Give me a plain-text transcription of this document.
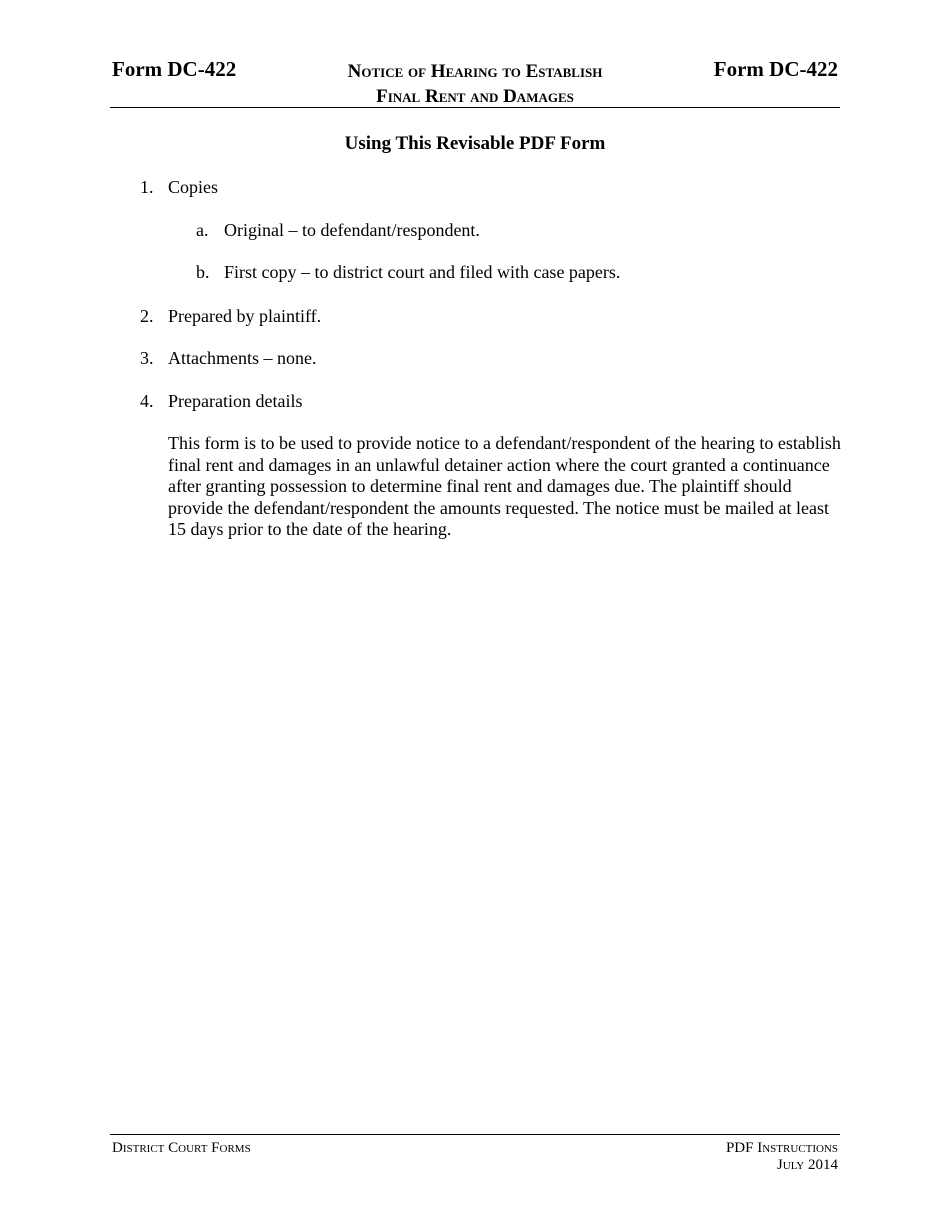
Form DC-422	Notice of Hearing to Establish
Final Rent and Damages
Form DC-422
Using This Revisable PDF Form
1. Copies
a. Original – to defendant/respondent.
b. First copy – to district court and filed with case papers.
2. Prepared by plaintiff.
3. Attachments – none.
4. Preparation details
This form is to be used to provide notice to a defendant/respondent of the hearing to establish final rent and damages in an unlawful detainer action where the court granted a continuance after granting possession to determine final rent and damages due. The plaintiff should provide the defendant/respondent the amounts requested. The notice must be mailed at least 15 days prior to the date of the hearing.
District Court Forms	PDF Instructions
July 2014
